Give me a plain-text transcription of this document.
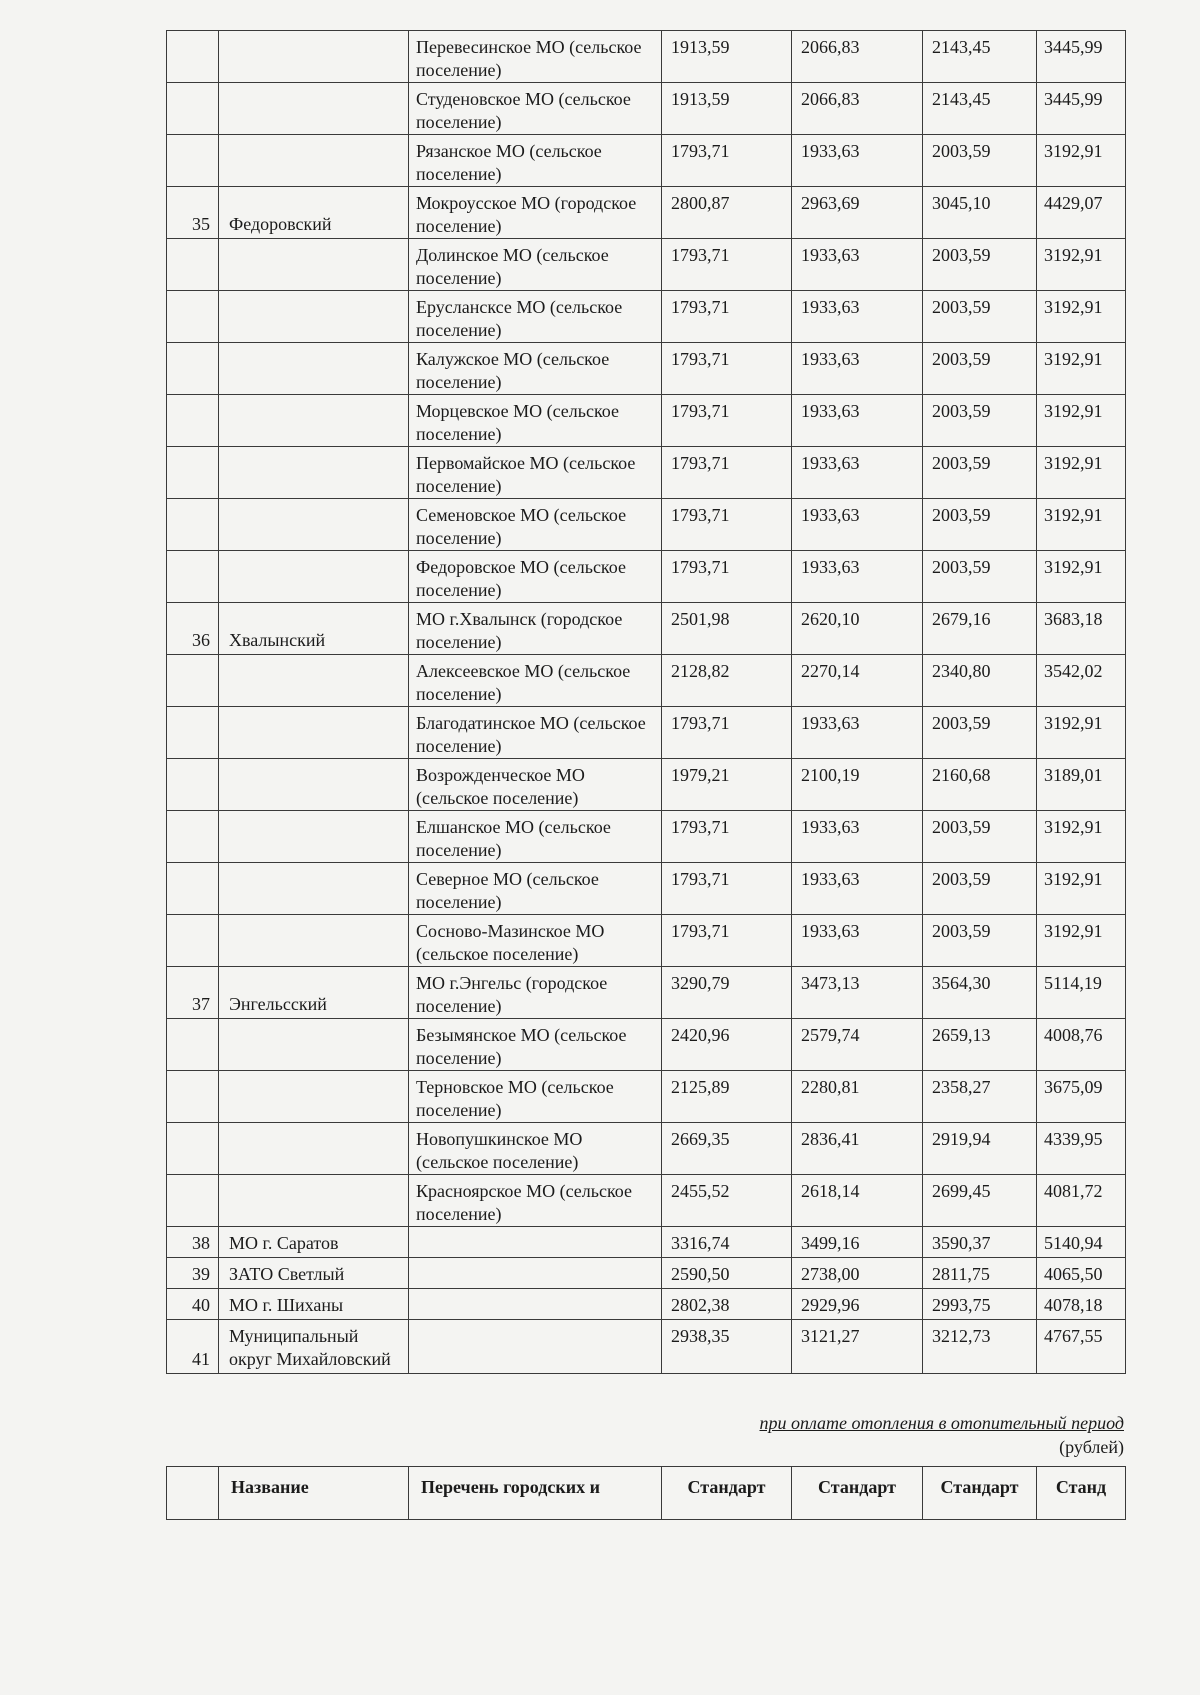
		Перевесинское МО (сельское поселение)	1913,59	2066,83	2143,45	3445,99
		Студеновское МО (сельское поселение)	1913,59	2066,83	2143,45	3445,99
		Рязанское МО (сельское поселение)	1793,71	1933,63	2003,59	3192,91
35	Федоровский	Мокроусское МО (городское поселение)	2800,87	2963,69	3045,10	4429,07
		Долинское МО (сельское поселение)	1793,71	1933,63	2003,59	3192,91
		Еруслансксе МО (сельское поселение)	1793,71	1933,63	2003,59	3192,91
		Калужское МО (сельское поселение)	1793,71	1933,63	2003,59	3192,91
		Морцевское МО (сельское поселение)	1793,71	1933,63	2003,59	3192,91
		Первомайское МО (сельское поселение)	1793,71	1933,63	2003,59	3192,91
		Семеновское МО (сельское поселение)	1793,71	1933,63	2003,59	3192,91
		Федоровское МО (сельское поселение)	1793,71	1933,63	2003,59	3192,91
36	Хвалынский	МО г.Хвалынск (городское поселение)	2501,98	2620,10	2679,16	3683,18
		Алексеевское МО (сельское поселение)	2128,82	2270,14	2340,80	3542,02
		Благодатинское МО (сельское поселение)	1793,71	1933,63	2003,59	3192,91
		Возрожденческое МО (сельское поселение)	1979,21	2100,19	2160,68	3189,01
		Елшанское МО (сельское поселение)	1793,71	1933,63	2003,59	3192,91
		Северное МО (сельское поселение)	1793,71	1933,63	2003,59	3192,91
		Сосново-Мазинское МО (сельское поселение)	1793,71	1933,63	2003,59	3192,91
37	Энгельсский	МО г.Энгельс (городское поселение)	3290,79	3473,13	3564,30	5114,19
		Безымянское МО (сельское поселение)	2420,96	2579,74	2659,13	4008,76
		Терновское МО (сельское поселение)	2125,89	2280,81	2358,27	3675,09
		Новопушкинское МО (сельское поселение)	2669,35	2836,41	2919,94	4339,95
		Красноярское МО (сельское поселение)	2455,52	2618,14	2699,45	4081,72
38	МО г. Саратов		3316,74	3499,16	3590,37	5140,94
39	ЗАТО Светлый		2590,50	2738,00	2811,75	4065,50
40	МО г. Шиханы		2802,38	2929,96	2993,75	4078,18
41	Муниципальный округ Михайловский		2938,35	3121,27	3212,73	4767,55
при оплате отопления в отопительный период
(рублей)
	Название	Перечень городских и	Стандарт	Стандарт	Стандарт	Станд
